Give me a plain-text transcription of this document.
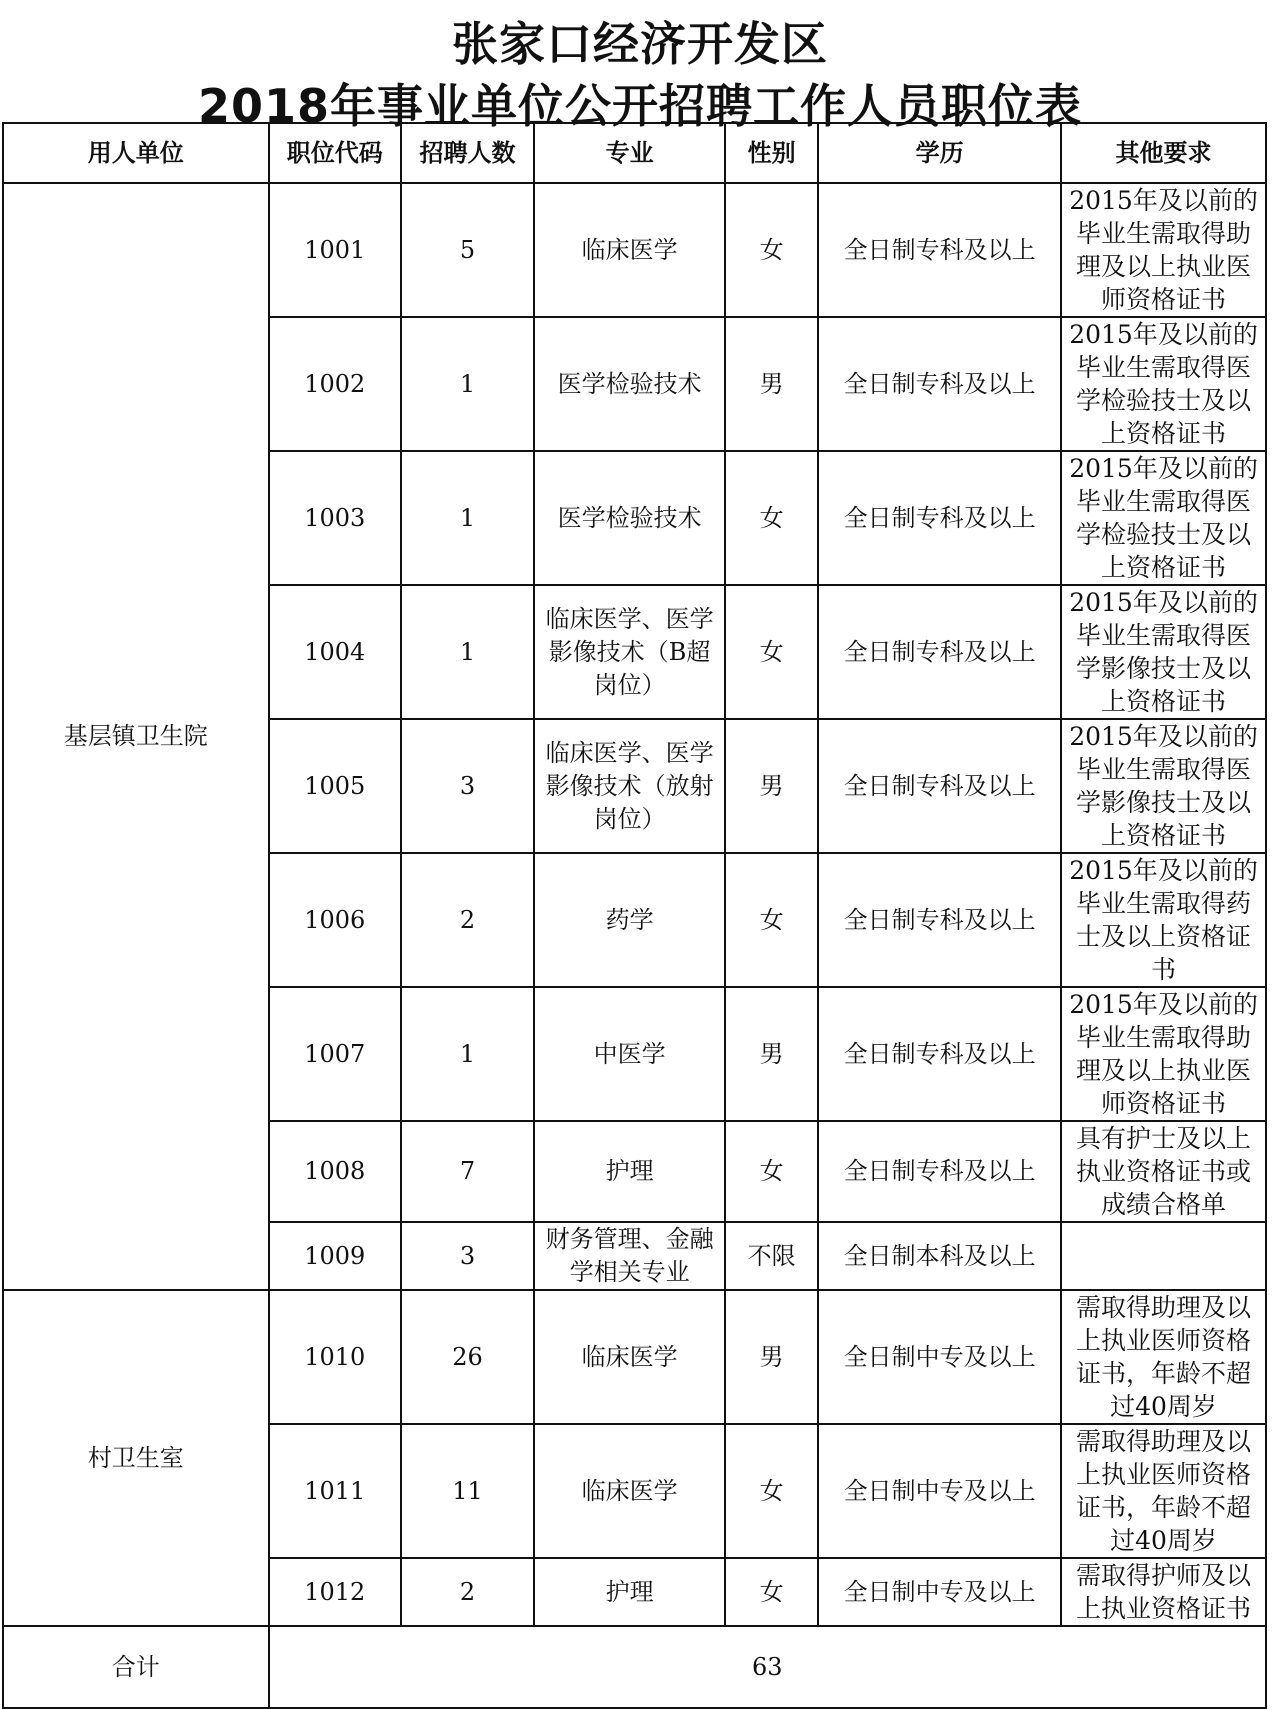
张家口经济开发区
2018年事业单位公开招聘工作人员职位表
用人单位	职位代码	招聘人数	专业	性别	学历	其他要求
基层镇卫生院	1001	5	临床医学	女	全日制专科及以上	2015年及以前的毕业生需取得助理及以上执业医师资格证书
	1002	1	医学检验技术	男	全日制专科及以上	2015年及以前的毕业生需取得医学检验技士及以上资格证书
	1003	1	医学检验技术	女	全日制专科及以上	2015年及以前的毕业生需取得医学检验技士及以上资格证书
	1004	1	临床医学、医学影像技术（B超岗位）	女	全日制专科及以上	2015年及以前的毕业生需取得医学影像技士及以上资格证书
	1005	3	临床医学、医学影像技术（放射岗位）	男	全日制专科及以上	2015年及以前的毕业生需取得医学影像技士及以上资格证书
	1006	2	药学	女	全日制专科及以上	2015年及以前的毕业生需取得药士及以上资格证书
	1007	1	中医学	男	全日制专科及以上	2015年及以前的毕业生需取得助理及以上执业医师资格证书
	1008	7	护理	女	全日制专科及以上	具有护士及以上执业资格证书或成绩合格单
	1009	3	财务管理、金融学相关专业	不限	全日制本科及以上	
村卫生室	1010	26	临床医学	男	全日制中专及以上	需取得助理及以上执业医师资格证书，年龄不超过40周岁
	1011	11	临床医学	女	全日制中专及以上	需取得助理及以上执业医师资格证书，年龄不超过40周岁
	1012	2	护理	女	全日制中专及以上	需取得护师及以上执业资格证书
合计	63					
